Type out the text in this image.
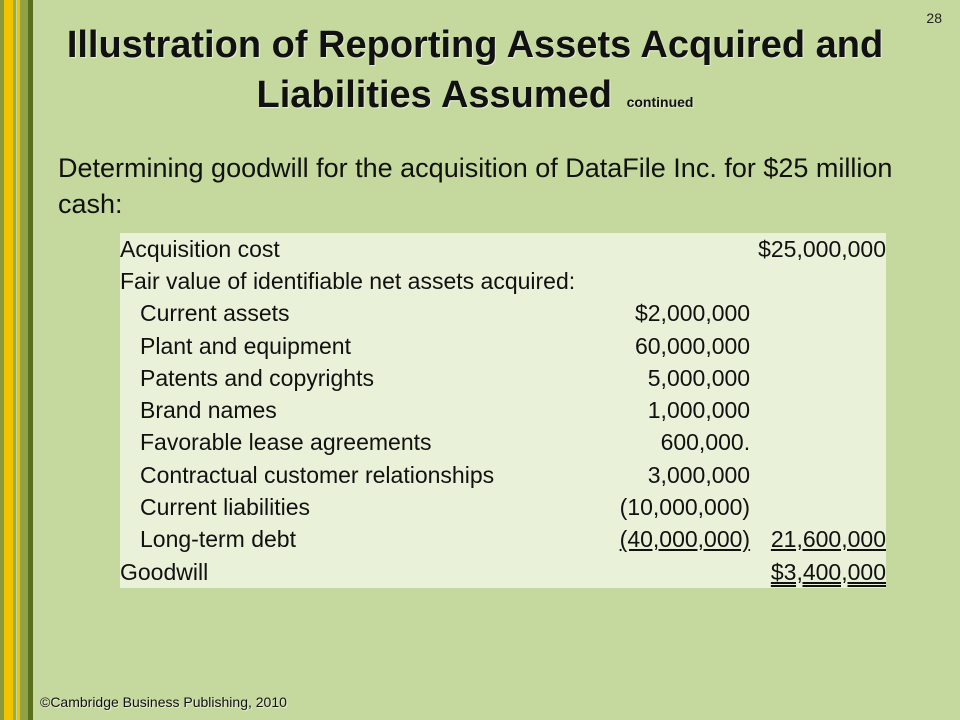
28
Illustration of Reporting Assets Acquired and Liabilities Assumed continued
Determining goodwill for the acquisition of DataFile Inc. for $25 million cash:
Acquisition cost		$25,000,000
Fair value of identifiable net assets acquired:		
Current assets	$2,000,000	
Plant and equipment	60,000,000	
Patents and copyrights	5,000,000	
Brand names	1,000,000	
Favorable lease agreements	600,000.	
Contractual customer relationships	3,000,000	
Current liabilities	(10,000,000)	
Long-term debt	(40,000,000)	21,600,000
Goodwill		$3,400,000
©Cambridge Business Publishing, 2010
